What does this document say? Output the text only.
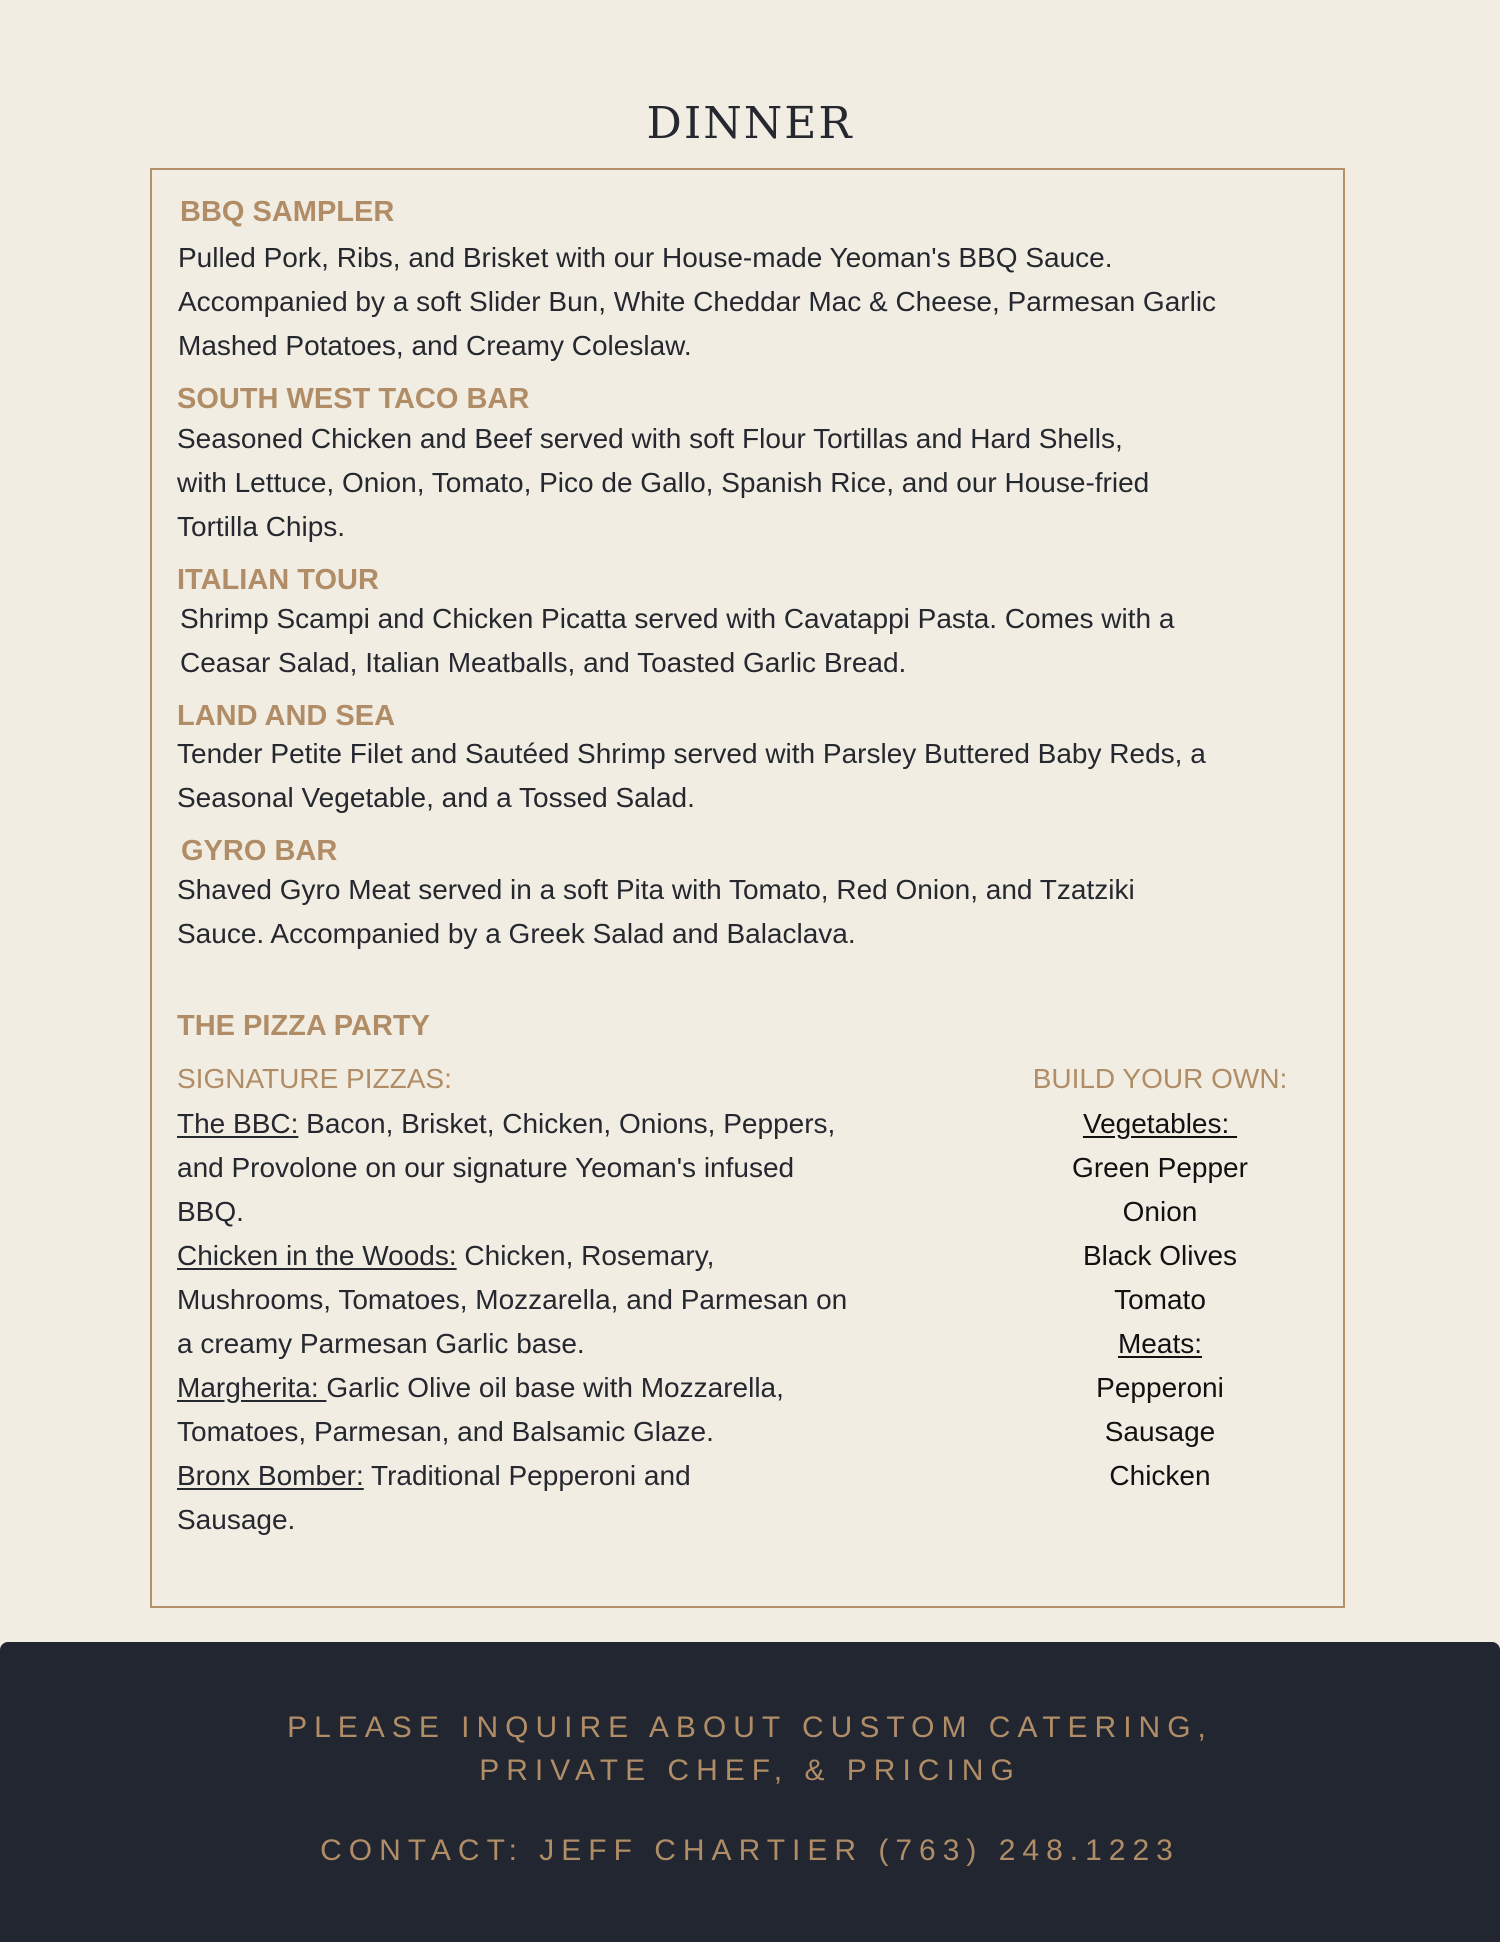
DINNER
BBQ SAMPLER
Pulled Pork, Ribs, and Brisket with our House-made Yeoman's BBQ Sauce. Accompanied by a soft Slider Bun, White Cheddar Mac & Cheese, Parmesan Garlic Mashed Potatoes, and Creamy Coleslaw.
SOUTH WEST TACO BAR
Seasoned Chicken and Beef served with soft Flour Tortillas and Hard Shells, with Lettuce, Onion, Tomato, Pico de Gallo, Spanish Rice, and our House-fried Tortilla Chips.
ITALIAN TOUR
Shrimp Scampi and Chicken Picatta served with Cavatappi Pasta. Comes with a Ceasar Salad, Italian Meatballs, and Toasted Garlic Bread.
LAND AND SEA
Tender Petite Filet and Sautéed Shrimp served with Parsley Buttered Baby Reds, a Seasonal Vegetable, and a Tossed Salad.
GYRO BAR
Shaved Gyro Meat served in a soft Pita with Tomato, Red Onion, and Tzatziki Sauce. Accompanied by a Greek Salad and Balaclava.
THE PIZZA PARTY
SIGNATURE PIZZAS:	BUILD YOUR OWN:

The BBC: Bacon, Brisket, Chicken, Onions, Peppers, and Provolone on our signature Yeoman's infused BBQ.

Chicken in the Woods: Chicken, Rosemary, Mushrooms, Tomatoes, Mozzarella, and Parmesan on a creamy Parmesan Garlic base.

Margherita: Garlic Olive oil base with Mozzarella, Tomatoes, Parmesan, and Balsamic Glaze.

Bronx Bomber: Traditional Pepperoni and Sausage.

Vegetables:
Green Pepper
Onion
Black Olives
Tomato
Meats:
Pepperoni
Sausage
Chicken
PLEASE INQUIRE ABOUT CUSTOM CATERING,
PRIVATE CHEF, & PRICING
CONTACT: JEFF CHARTIER (763) 248.1223
